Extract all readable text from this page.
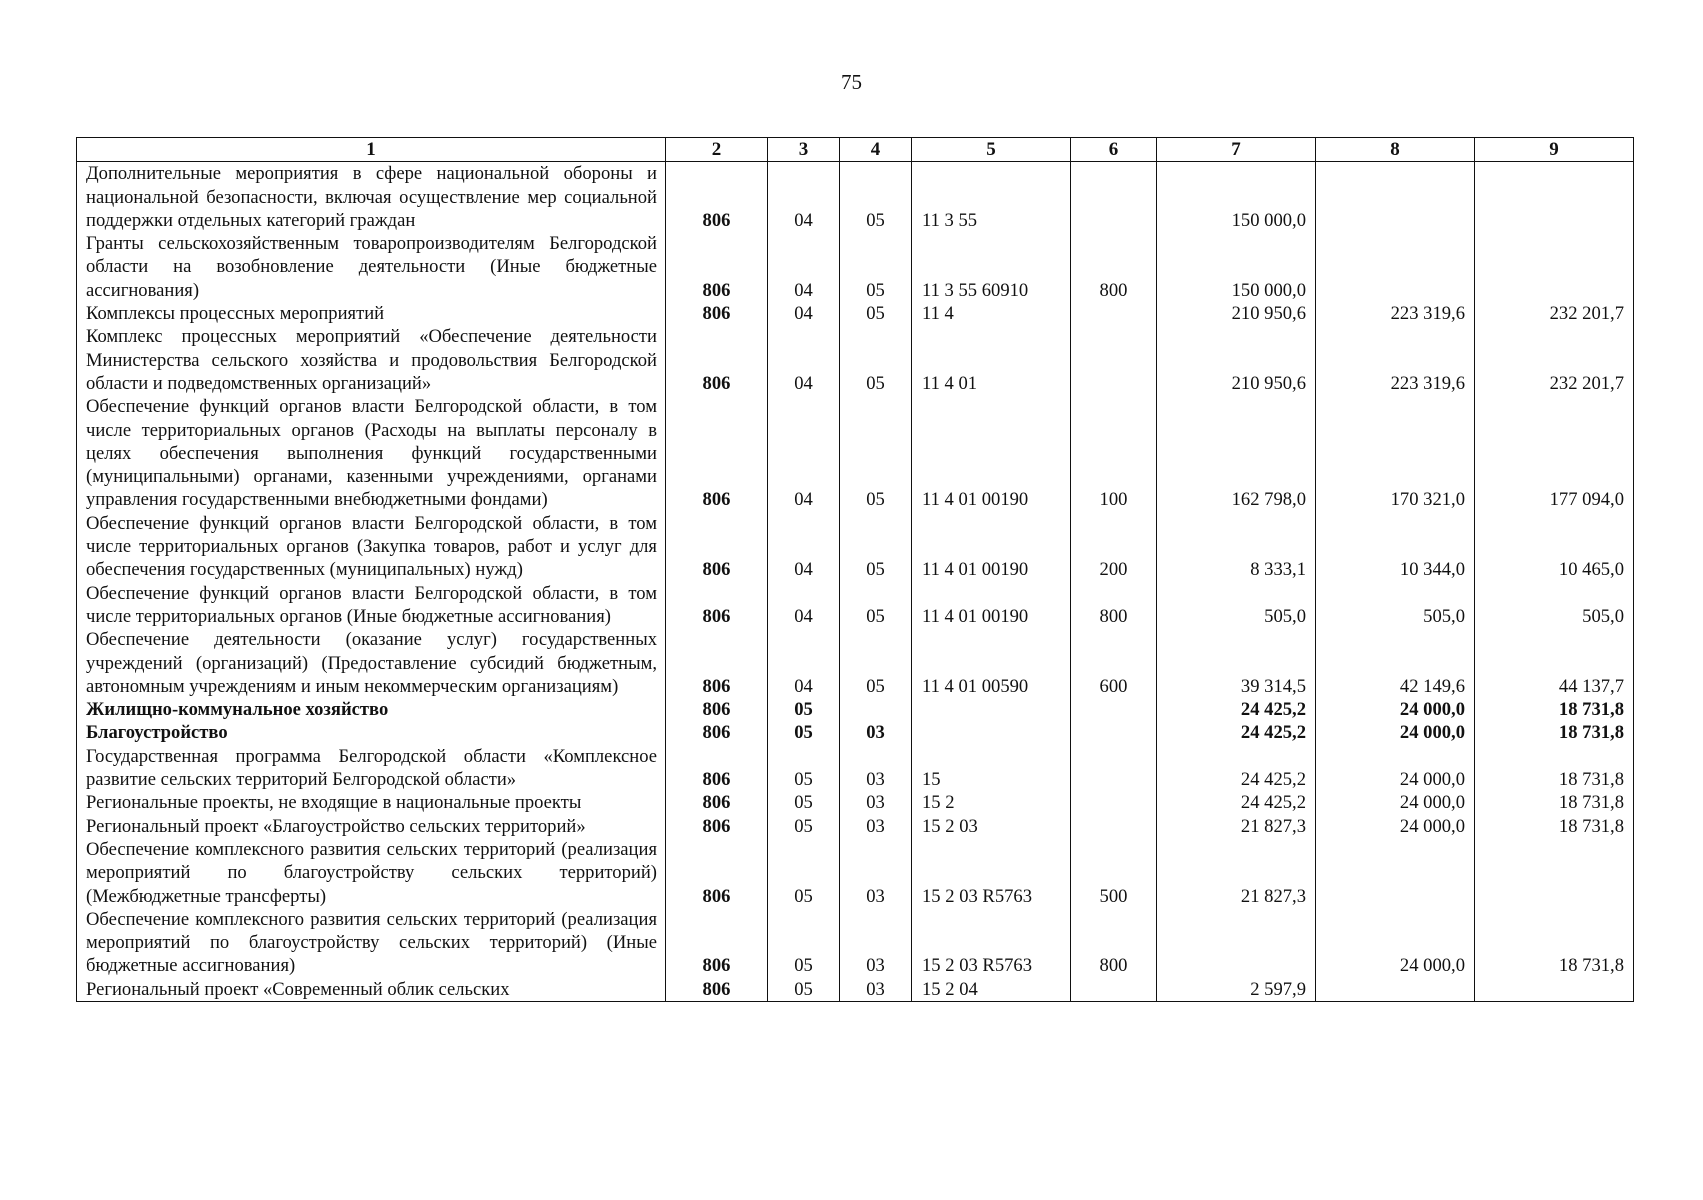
75
1	2	3	4	5	6	7	8	9
Дополнительные мероприятия в сфере национальной обороны и национальной безопасности, включая осуществление мер социальной поддержки отдельных категорий граждан	806	04	05	11 3 55		150 000,0		
Гранты сельскохозяйственным товаропроизводителям Белгородской области на возобновление деятельности (Иные бюджетные ассигнования)	806	04	05	11 3 55 60910	800	150 000,0		
Комплексы процессных мероприятий	806	04	05	11 4		210 950,6	223 319,6	232 201,7
Комплекс процессных мероприятий «Обеспечение деятельности Министерства сельского хозяйства и продовольствия Белгородской области и подведомственных организаций»	806	04	05	11 4 01		210 950,6	223 319,6	232 201,7
Обеспечение функций органов власти Белгородской области, в том числе территориальных органов (Расходы на выплаты персоналу в целях обеспечения выполнения функций государственными (муниципальными) органами, казенными учреждениями, органами управления государственными внебюджетными фондами)	806	04	05	11 4 01 00190	100	162 798,0	170 321,0	177 094,0
Обеспечение функций органов власти Белгородской области, в том числе территориальных органов (Закупка товаров, работ и услуг для обеспечения государственных (муниципальных) нужд)	806	04	05	11 4 01 00190	200	8 333,1	10 344,0	10 465,0
Обеспечение функций органов власти Белгородской области, в том числе территориальных органов (Иные бюджетные ассигнования)	806	04	05	11 4 01 00190	800	505,0	505,0	505,0
Обеспечение деятельности (оказание услуг) государственных учреждений (организаций) (Предоставление субсидий бюджетным, автономным учреждениям и иным некоммерческим организациям)	806	04	05	11 4 01 00590	600	39 314,5	42 149,6	44 137,7
Жилищно-коммунальное хозяйство	806	05				24 425,2	24 000,0	18 731,8
Благоустройство	806	05	03			24 425,2	24 000,0	18 731,8
Государственная программа Белгородской области «Комплексное развитие сельских территорий Белгородской области»	806	05	03	15		24 425,2	24 000,0	18 731,8
Региональные проекты, не входящие в национальные проекты	806	05	03	15 2		24 425,2	24 000,0	18 731,8
Региональный проект «Благоустройство сельских территорий»	806	05	03	15 2 03		21 827,3	24 000,0	18 731,8
Обеспечение комплексного развития сельских территорий (реализация мероприятий по благоустройству сельских территорий) (Межбюджетные трансферты)	806	05	03	15 2 03 R5763	500	21 827,3		
Обеспечение комплексного развития сельских территорий (реализация мероприятий по благоустройству сельских территорий) (Иные бюджетные ассигнования)	806	05	03	15 2 03 R5763	800		24 000,0	18 731,8
Региональный проект «Современный облик сельских	806	05	03	15 2 04		2 597,9		
